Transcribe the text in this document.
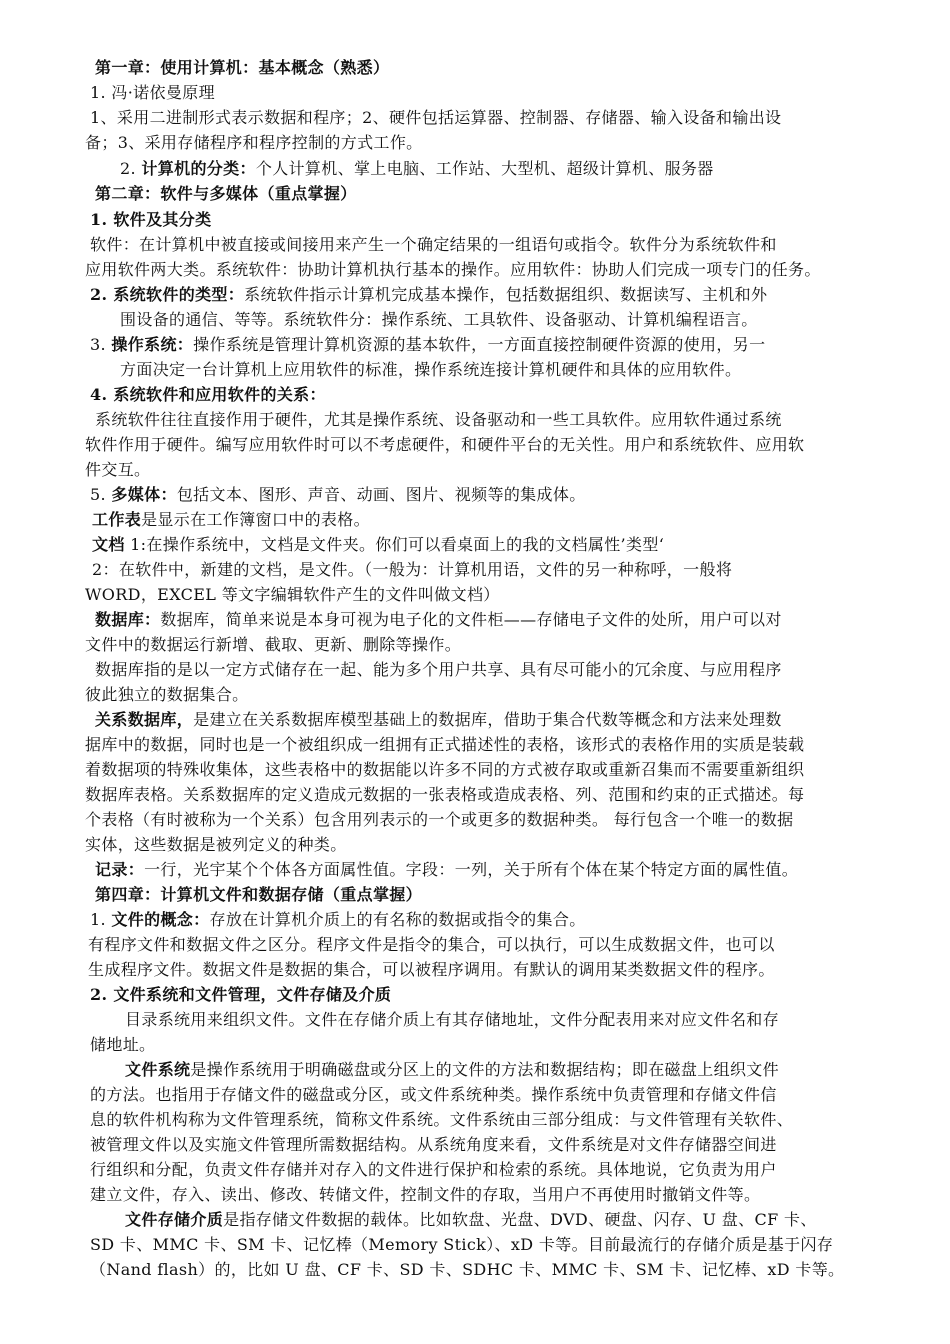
第一章：使用计算机：基本概念（熟悉）
1. 冯·诺依曼原理
1、采用二进制形式表示数据和程序；2、硬件包括运算器、控制器、存储器、输入设备和输出设
备；3、采用存储程序和程序控制的方式工作。
2. 计算机的分类：个人计算机、掌上电脑、工作站、大型机、超级计算机、服务器
第二章：软件与多媒体（重点掌握）
1. 软件及其分类
软件：在计算机中被直接或间接用来产生一个确定结果的一组语句或指令。软件分为系统软件和
应用软件两大类。系统软件：协助计算机执行基本的操作。应用软件：协助人们完成一项专门的任务。
2. 系统软件的类型：系统软件指示计算机完成基本操作，包括数据组织、数据读写、主机和外
围设备的通信、等等。系统软件分：操作系统、工具软件、设备驱动、计算机编程语言。
3. 操作系统：操作系统是管理计算机资源的基本软件，一方面直接控制硬件资源的使用，另一
方面决定一台计算机上应用软件的标准，操作系统连接计算机硬件和具体的应用软件。
4. 系统软件和应用软件的关系：
系统软件往往直接作用于硬件，尤其是操作系统、设备驱动和一些工具软件。应用软件通过系统
软件作用于硬件。编写应用软件时可以不考虑硬件，和硬件平台的无关性。用户和系统软件、应用软
件交互。
5. 多媒体：包括文本、图形、声音、动画、图片、视频等的集成体。
工作表是显示在工作簿窗口中的表格。
文档 1:在操作系统中，文档是文件夹。你们可以看桌面上的我的文档属性’类型‘
2：在软件中，新建的文档，是文件。（一般为：计算机用语，文件的另一种称呼，一般将
WORD，EXCEL 等文字编辑软件产生的文件叫做文档）
数据库：数据库，简单来说是本身可视为电子化的文件柜——存储电子文件的处所，用户可以对
文件中的数据运行新增、截取、更新、删除等操作。
数据库指的是以一定方式储存在一起、能为多个用户共享、具有尽可能小的冗余度、与应用程序
彼此独立的数据集合。
关系数据库，是建立在关系数据库模型基础上的数据库，借助于集合代数等概念和方法来处理数
据库中的数据，同时也是一个被组织成一组拥有正式描述性的表格，该形式的表格作用的实质是装载
着数据项的特殊收集体，这些表格中的数据能以许多不同的方式被存取或重新召集而不需要重新组织
数据库表格。关系数据库的定义造成元数据的一张表格或造成表格、列、范围和约束的正式描述。每
个表格（有时被称为一个关系）包含用列表示的一个或更多的数据种类。 每行包含一个唯一的数据
实体，这些数据是被列定义的种类。
记录：一行，光宇某个个体各方面属性值。字段：一列，关于所有个体在某个特定方面的属性值。
第四章：计算机文件和数据存储（重点掌握）
1. 文件的概念：存放在计算机介质上的有名称的数据或指令的集合。
有程序文件和数据文件之区分。程序文件是指令的集合，可以执行，可以生成数据文件，也可以
生成程序文件。数据文件是数据的集合，可以被程序调用。有默认的调用某类数据文件的程序。
2. 文件系统和文件管理，文件存储及介质
目录系统用来组织文件。文件在存储介质上有其存储地址，文件分配表用来对应文件名和存
储地址。
文件系统是操作系统用于明确磁盘或分区上的文件的方法和数据结构；即在磁盘上组织文件
的方法。也指用于存储文件的磁盘或分区，或文件系统种类。操作系统中负责管理和存储文件信
息的软件机构称为文件管理系统，简称文件系统。文件系统由三部分组成：与文件管理有关软件、
被管理文件以及实施文件管理所需数据结构。从系统角度来看，文件系统是对文件存储器空间进
行组织和分配，负责文件存储并对存入的文件进行保护和检索的系统。具体地说，它负责为用户
建立文件，存入、读出、修改、转储文件，控制文件的存取，当用户不再使用时撤销文件等。
文件存储介质是指存储文件数据的载体。比如软盘、光盘、DVD、硬盘、闪存、U 盘、CF 卡、
SD 卡、MMC 卡、SM 卡、记忆棒（Memory Stick）、xD 卡等。目前最流行的存储介质是基于闪存
（Nand flash）的，比如 U 盘、CF 卡、SD 卡、SDHC 卡、MMC 卡、SM 卡、记忆棒、xD 卡等。
